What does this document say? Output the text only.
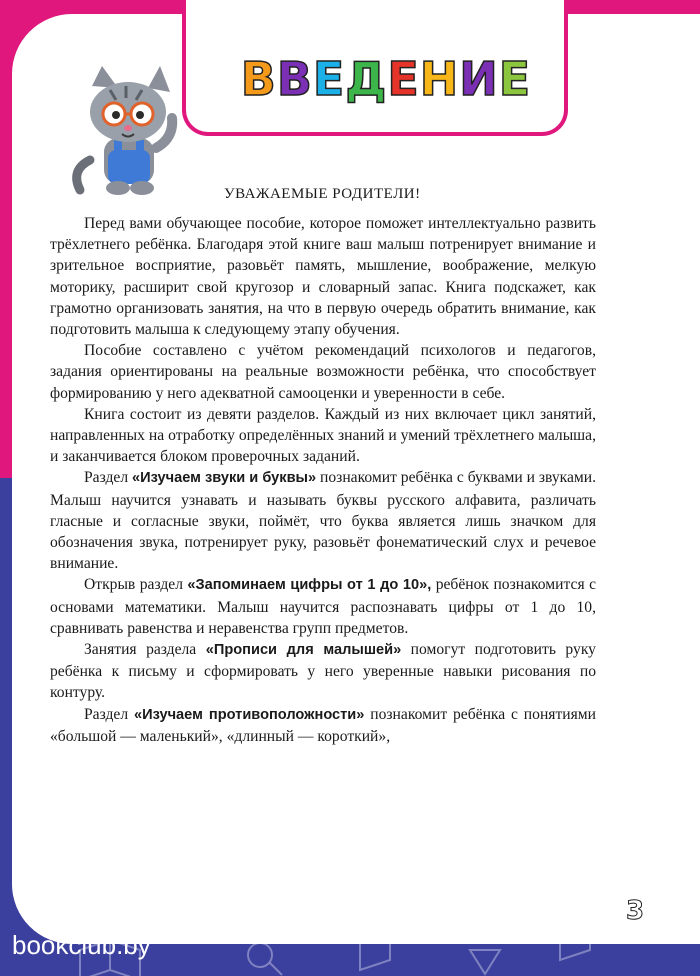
ВВЕДЕНИЕ
УВАЖАЕМЫЕ РОДИТЕЛИ!

Перед вами обучающее пособие, которое поможет интеллектуально развить трёхлетнего ребёнка. Благодаря этой книге ваш малыш потренирует внимание и зрительное восприятие, разовьёт память, мышление, воображение, мелкую моторику, расширит свой кругозор и словарный запас. Книга подскажет, как грамотно организовать занятия, на что в первую очередь обратить внимание, как подготовить малыша к следующему этапу обучения.

Пособие составлено с учётом рекомендаций психологов и педагогов, задания ориентированы на реальные возможности ребёнка, что способствует формированию у него адекватной самооценки и уверенности в себе.

Книга состоит из девяти разделов. Каждый из них включает цикл занятий, направленных на отработку определённых знаний и умений трёхлетнего малыша, и заканчивается блоком проверочных заданий.

Раздел «Изучаем звуки и буквы» познакомит ребёнка с буквами и звуками. Малыш научится узнавать и называть буквы русского алфавита, различать гласные и согласные звуки, поймёт, что буква является лишь значком для обозначения звука, потренирует руку, разовьёт фонематический слух и речевое внимание.

Открыв раздел «Запоминаем цифры от 1 до 10», ребёнок познакомится с основами математики. Малыш научится распознавать цифры от 1 до 10, сравнивать равенства и неравенства групп предметов.

Занятия раздела «Прописи для малышей» помогут подготовить руку ребёнка к письму и сформировать у него уверенные навыки рисования по контуру.

Раздел «Изучаем противоположности» познакомит ребёнка с понятиями «большой — маленький», «длинный — короткий»,

3
bookclub.by
